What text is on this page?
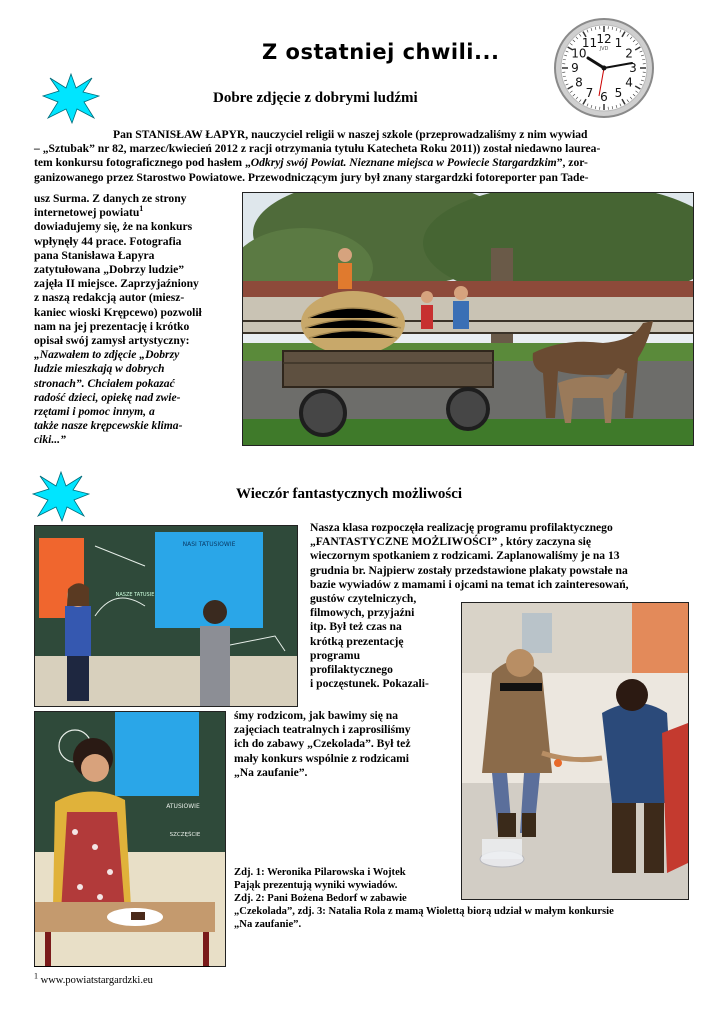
Z ostatniej chwili...
12 1
2
3
4
5
6
7
8
9
10
11 JVD
Dobre zdjęcie z dobrymi ludźmi

Pan STANISŁAW ŁAPYR, nauczyciel religii w naszej szkole (przeprowadzaliśmy z nim wywiad

– „Sztubak” nr 82, marzec/kwiecień 2012 z racji otrzymania tytułu Katecheta Roku 2011)) został niedawno laurea-

tem konkursu fotograficznego pod hasłem „Odkryj swój Powiat. Nieznane miejsca w Powiecie Stargardzkim”, zor-

ganizowanego przez Starostwo Powiatowe. Przewodniczącym jury był znany stargardzki fotoreporter pan Tade-

usz Surma. Z danych ze strony

internetowej powiatu$^1$

dowiadujemy się, że na konkurs

wpłynęły 44 prace. Fotografia

pana Stanisława Łapyra

zatytułowana „Dobrzy ludzie”

zajęła II miejsce. Zaprzyjaźniony

z naszą redakcją autor (miesz-

kaniec wioski Krępcewo) pozwolił

nam na jej prezentację i krótko

opisał swój zamysł artystyczny:

„Nazwałem to zdjęcie „Dobrzy

ludzie mieszkają w dobrych

stronach”. Chciałem pokazać

radość dzieci, opiekę nad zwie-

rzętami i pomoc innym, a

także nasze krępcewskie klima-

ciki...”

Wieczór fantastycznych możliwości

Nasza klasa rozpoczęła realizację programu profilaktycznego

„FANTASTYCZNE MOŻLIWOŚCI” , który zaczyna się

wieczornym spotkaniem z rodzicami. Zaplanowaliśmy je na 13

grudnia br. Najpierw zostały przedstawione plakaty powstałe na

bazie wywiadów z mamami i ojcami na temat ich zainteresowań,

gustów czytelniczych,

filmowych, przyjaźni

itp. Był też czas na

krótką prezentację

programu

profilaktycznego

i poczęstunek. Pokazali-

śmy rodzicom, jak bawimy się na

zajęciach teatralnych i zaprosiliśmy

ich do zabawy „Czekolada”. Był też

mały konkurs wspólnie z rodzicami

„Na zaufanie”.

NASI TATUSIOWIE
NASZE TATUSIE
ATUSIOWIE
SZCZĘŚCIE
Zdj. 1: Weronika Pilarowska i Wojtek
Pająk prezentują wyniki wywiadów.
Zdj. 2: Pani Bożena Bedorf w zabawie
„Czekolada”, zdj. 3: Natalia Rola z mamą Wiolettą biorą udział w małym konkursie
„Na zaufanie”.
$^1$ www.powiatstargardzki.eu
